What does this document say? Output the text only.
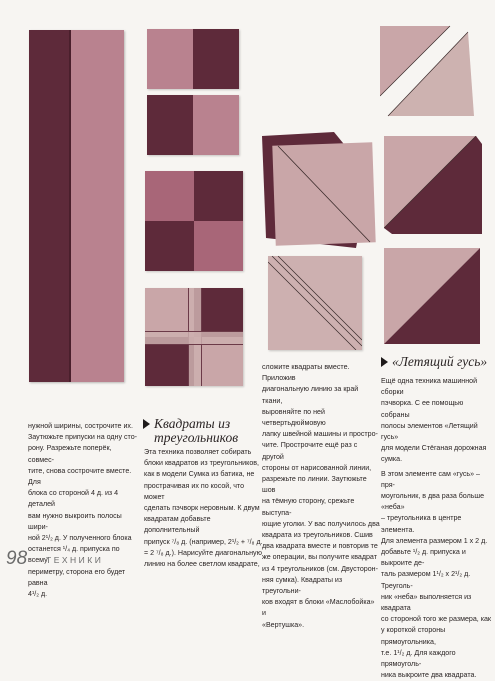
нужной ширины, сострочите их.

Заутюжьте припуски на одну сто-

рону. Разрежьте поперёк, совмес-

тите, снова сострочите вместе. Для

блока со стороной 4 д. из 4 деталей

вам нужно выкроить полосы шири-

ной 2¹/₂ д. У полученного блока

останется ¹/₄ д. припуска по всему

периметру, сторона его будет равна

4¹/₂ д.

Квадраты из
треугольников

Эта техника позволяет собирать

блоки квадратов из треугольников,

как в модели Сумка из батика, не

прострачивая их по косой, что может

сделать пэчворк неровным. К двум

квадратам добавьте дополнительный

припуск ⁷/₈ д. (например, 2¹/₂ + ⁷/₈ д.

= 2 ⁷/₈ д.). Нарисуйте диагональную

линию на более светлом квадрате,

сложите квадраты вместе. Приложив

диагональную линию за край ткани,

выровняйте по ней четвертьдюймовую

лапку швейной машины и простро-

чите. Прострочите ещё раз с другой

стороны от нарисованной линии,

разрежьте по линии. Заутюжьте шов

на тёмную сторону, срежьте выступа-

ющие уголки. У вас получилось два

квадрата из треугольников. Сшив

два квадрата вместе и повторив те

же операции, вы получите квадрат

из 4 треугольников (см. Двусторон-

няя сумка). Квадраты из треугольни-

ков входят в блоки «Маслобойка» и

«Вертушка».

«Летящий гусь»

Ещё одна техника машинной сборки

пэчворка. С ее помощью собраны

полосы элементов «Летящий гусь»

для модели Стёганая дорожная сумка.

В этом элементе сам «гусь» – пря-

моугольник, в два раза больше «неба»

– треугольника в центре элемента.

Для элемента размером 1 x 2 д.

добавьте ¹/₂ д. припуска и выкроите де-

таль размером 1¹/₂ x 2¹/₂ д. Треуголь-

ник «неба» выполняется из квадрата

со стороной того же размера, как

у короткой стороны прямоугольника,

т.е. 1¹/₂ д. Для каждого прямоуголь-

ника выкроите два квадрата.

98 ТЕХНИКИ
